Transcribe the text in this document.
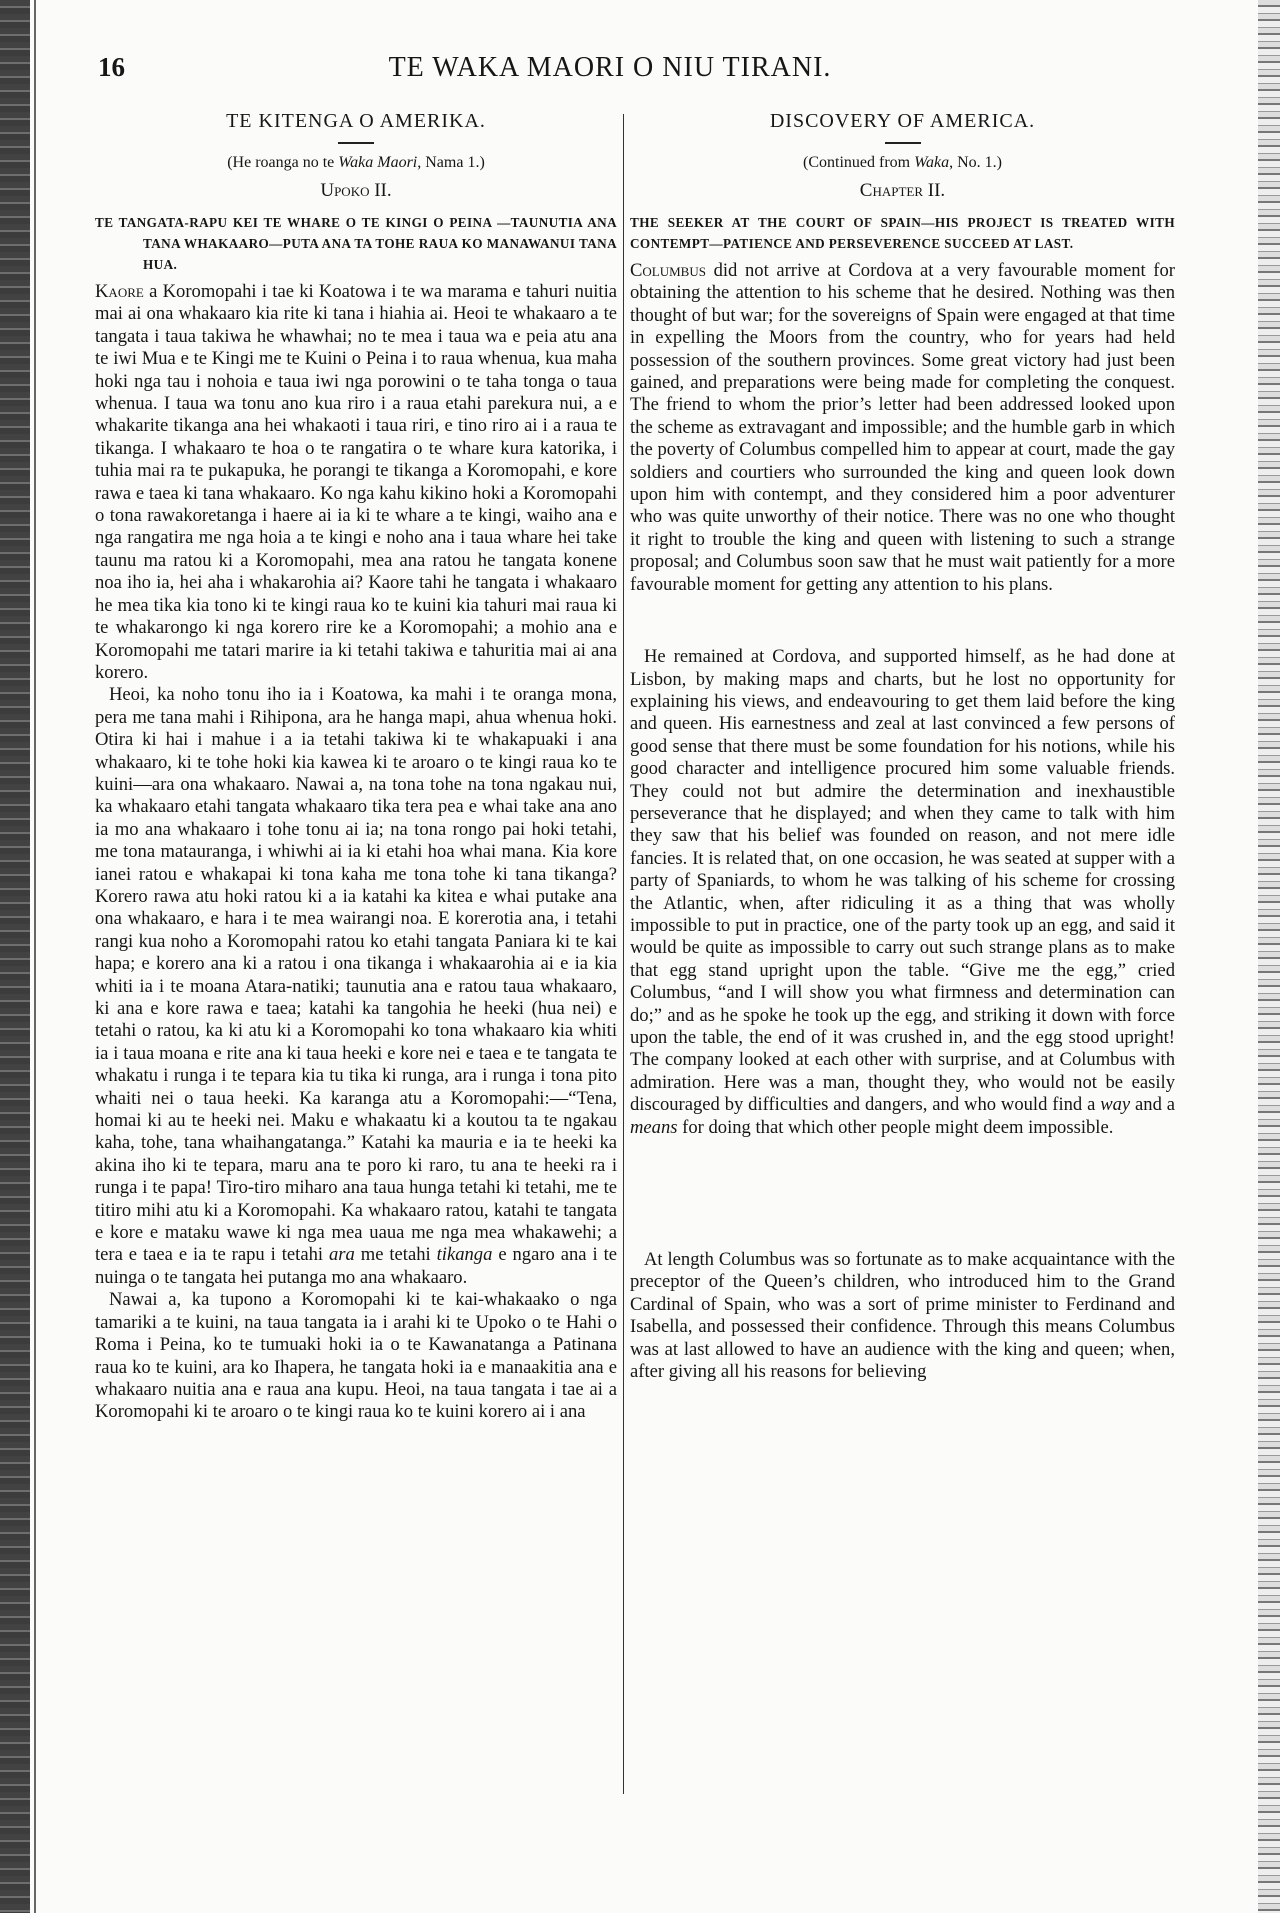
16	TE WAKA MAORI O NIU TIRANI.
TE KITENGA O AMERIKA.
(He roanga no te Waka Maori, Nama 1.)
Upoko II.
TE TANGATA-RAPU KEI TE WHARE O TE KINGI O PEINA —TAUNUTIA ANA TANA WHAKAARO—PUTA ANA TA TOHE RAUA KO MANAWANUI TANA HUA.

Kaore a Koromopahi i tae ki Koatowa i te wa marama e tahuri nuitia mai ai ona whakaaro kia rite ki tana i hiahia ai. Heoi te whakaaro a te tangata i taua takiwa he whawhai; no te mea i taua wa e peia atu ana te iwi Mua e te Kingi me te Kuini o Peina i to raua whenua, kua maha hoki nga tau i nohoia e taua iwi nga porowini o te taha tonga o taua whenua. I taua wa tonu ano kua riro i a raua etahi parekura nui, a e whakarite tikanga ana hei whakaoti i taua riri, e tino riro ai i a raua te tikanga. I whakaaro te hoa o te rangatira o te whare kura katorika, i tuhia mai ra te pukapuka, he porangi te tikanga a Koromopahi, e kore rawa e taea ki tana whakaaro. Ko nga kahu kikino hoki a Koromopahi o tona rawakoretanga i haere ai ia ki te whare a te kingi, waiho ana e nga rangatira me nga hoia a te kingi e noho ana i taua whare hei take taunu ma ratou ki a Koromopahi, mea ana ratou he tangata konene noa iho ia, hei aha i whakarohia ai? Kaore tahi he tangata i whakaaro he mea tika kia tono ki te kingi raua ko te kuini kia tahuri mai raua ki te whakarongo ki nga korero rire ke a Koromopahi; a mohio ana e Koromopahi me tatari marire ia ki tetahi takiwa e tahuritia mai ai ana korero.

Heoi, ka noho tonu iho ia i Koatowa, ka mahi i te oranga mona, pera me tana mahi i Rihipona, ara he hanga mapi, ahua whenua hoki. Otira ki hai i mahue i a ia tetahi takiwa ki te whakapuaki i ana whakaaro, ki te tohe hoki kia kawea ki te aroaro o te kingi raua ko te kuini—ara ona whakaaro. Nawai a, na tona tohe na tona ngakau nui, ka whakaaro etahi tangata whakaaro tika tera pea e whai take ana ano ia mo ana whakaaro i tohe tonu ai ia; na tona rongo pai hoki tetahi, me tona matauranga, i whiwhi ai ia ki etahi hoa whai mana. Kia kore ianei ratou e whakapai ki tona kaha me tona tohe ki tana tikanga? Korero rawa atu hoki ratou ki a ia katahi ka kitea e whai putake ana ona whakaaro, e hara i te mea wairangi noa. E korerotia ana, i tetahi rangi kua noho a Koromopahi ratou ko etahi tangata Paniara ki te kai hapa; e korero ana ki a ratou i ona tikanga i whakaarohia ai e ia kia whiti ia i te moana Atara-natiki; taunutia ana e ratou taua whakaaro, ki ana e kore rawa e taea; katahi ka tangohia he heeki (hua nei) e tetahi o ratou, ka ki atu ki a Koromopahi ko tona whakaaro kia whiti ia i taua moana e rite ana ki taua heeki e kore nei e taea e te tangata te whakatu i runga i te tepara kia tu tika ki runga, ara i runga i tona pito whaiti nei o taua heeki. Ka karanga atu a Koromopahi:—“Tena, homai ki au te heeki nei. Maku e whakaatu ki a koutou ta te ngakau kaha, tohe, tana whaihangatanga.” Katahi ka mauria e ia te heeki ka akina iho ki te tepara, maru ana te poro ki raro, tu ana te heeki ra i runga i te papa! Tiro-tiro miharo ana taua hunga tetahi ki tetahi, me te titiro mihi atu ki a Koromopahi. Ka whakaaro ratou, katahi te tangata e kore e mataku wawe ki nga mea uaua me nga mea whakawehi; a tera e taea e ia te rapu i tetahi ara me tetahi tikanga e ngaro ana i te nuinga o te tangata hei putanga mo ana whakaaro.

Nawai a, ka tupono a Koromopahi ki te kai-whakaako o nga tamariki a te kuini, na taua tangata ia i arahi ki te Upoko o te Hahi o Roma i Peina, ko te tumuaki hoki ia o te Kawanatanga a Patinana raua ko te kuini, ara ko Ihapera, he tangata hoki ia e manaakitia ana e whakaaro nuitia ana e raua ana kupu. Heoi, na taua tangata i tae ai a Koromopahi ki te aroaro o te kingi raua ko te kuini korero ai i ana

DISCOVERY OF AMERICA.
(Continued from Waka, No. 1.)
Chapter II.
THE SEEKER AT THE COURT OF SPAIN—HIS PROJECT IS TREATED WITH CONTEMPT—PATIENCE AND PERSEVERENCE SUCCEED AT LAST.

Columbus did not arrive at Cordova at a very favourable moment for obtaining the attention to his scheme that he desired. Nothing was then thought of but war; for the sovereigns of Spain were engaged at that time in expelling the Moors from the country, who for years had held possession of the southern provinces. Some great victory had just been gained, and preparations were being made for completing the conquest. The friend to whom the prior’s letter had been addressed looked upon the scheme as extravagant and impossible; and the humble garb in which the poverty of Columbus compelled him to appear at court, made the gay soldiers and courtiers who surrounded the king and queen look down upon him with contempt, and they considered him a poor adventurer who was quite unworthy of their notice. There was no one who thought it right to trouble the king and queen with listening to such a strange proposal; and Columbus soon saw that he must wait patiently for a more favourable moment for getting any attention to his plans.

He remained at Cordova, and supported himself, as he had done at Lisbon, by making maps and charts, but he lost no opportunity for explaining his views, and endeavouring to get them laid before the king and queen. His earnestness and zeal at last convinced a few persons of good sense that there must be some foundation for his notions, while his good character and intelligence procured him some valuable friends. They could not but admire the determination and inexhaustible perseverance that he displayed; and when they came to talk with him they saw that his belief was founded on reason, and not mere idle fancies. It is related that, on one occasion, he was seated at supper with a party of Spaniards, to whom he was talking of his scheme for crossing the Atlantic, when, after ridiculing it as a thing that was wholly impossible to put in practice, one of the party took up an egg, and said it would be quite as impossible to carry out such strange plans as to make that egg stand upright upon the table. “Give me the egg,” cried Columbus, “and I will show you what firmness and determination can do;” and as he spoke he took up the egg, and striking it down with force upon the table, the end of it was crushed in, and the egg stood upright! The company looked at each other with surprise, and at Columbus with admiration. Here was a man, thought they, who would not be easily discouraged by difficulties and dangers, and who would find a way and a means for doing that which other people might deem impossible.

At length Columbus was so fortunate as to make acquaintance with the preceptor of the Queen’s children, who introduced him to the Grand Cardinal of Spain, who was a sort of prime minister to Ferdinand and Isabella, and possessed their confidence. Through this means Columbus was at last allowed to have an audience with the king and queen; when, after giving all his reasons for believing
